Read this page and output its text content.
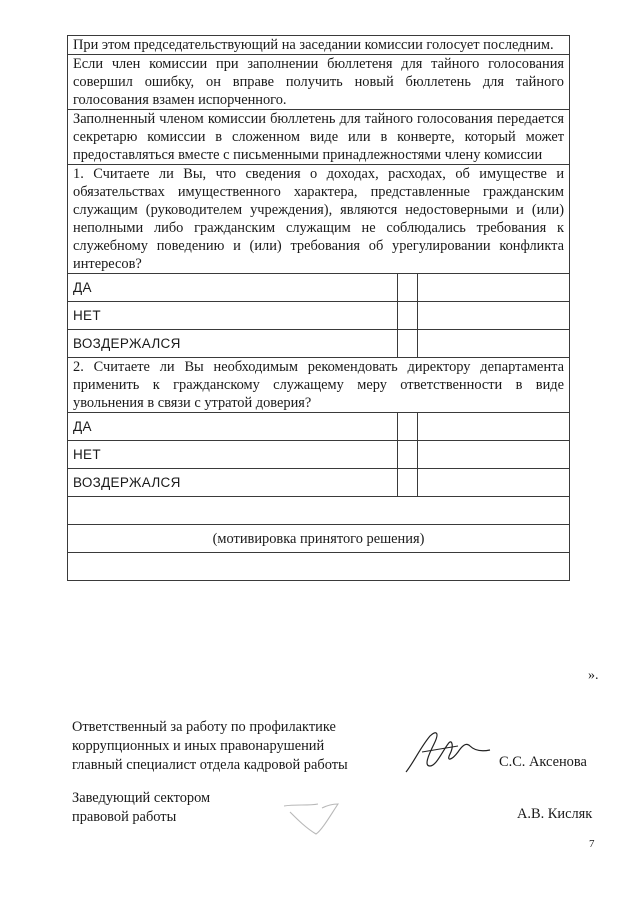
При этом председательствующий на заседании комиссии голосует последним.		

Если член комиссии при заполнении бюллетеня для тайного голосования совершил ошибку, он вправе получить новый бюллетень для тайного голосования взамен испорченного.		

Заполненный членом комиссии бюллетень для тайного голосования передается секретарю комиссии в сложенном виде или в конверте, который может предоставляться вместе с письменными принадлежностями члену комиссии		

1. Считаете ли Вы, что сведения о доходах, расходах, об имуществе и обязательствах имущественного характера, представленные гражданским служащим (руководителем учреждения), являются недостоверными и (или) неполными либо гражданским служащим не соблюдались требования к служебному поведению и (или) требования об урегулировании конфликта интересов?		

ДА		
НЕТ		
ВОЗДЕРЖАЛСЯ		

2. Считаете ли Вы необходимым рекомендовать директору департамента применить к гражданскому служащему меру ответственности в виде увольнения в связи с утратой доверия?		

ДА		
НЕТ		
ВОЗДЕРЖАЛСЯ		

(мотивировка принятого решения)		

».
Ответственный за работу по профилактике
коррупционных и иных правонарушений
главный специалист отдела кадровой работы	С.С. Аксенова
Заведующий сектором
правовой работы	А.В. Кисляк
7
